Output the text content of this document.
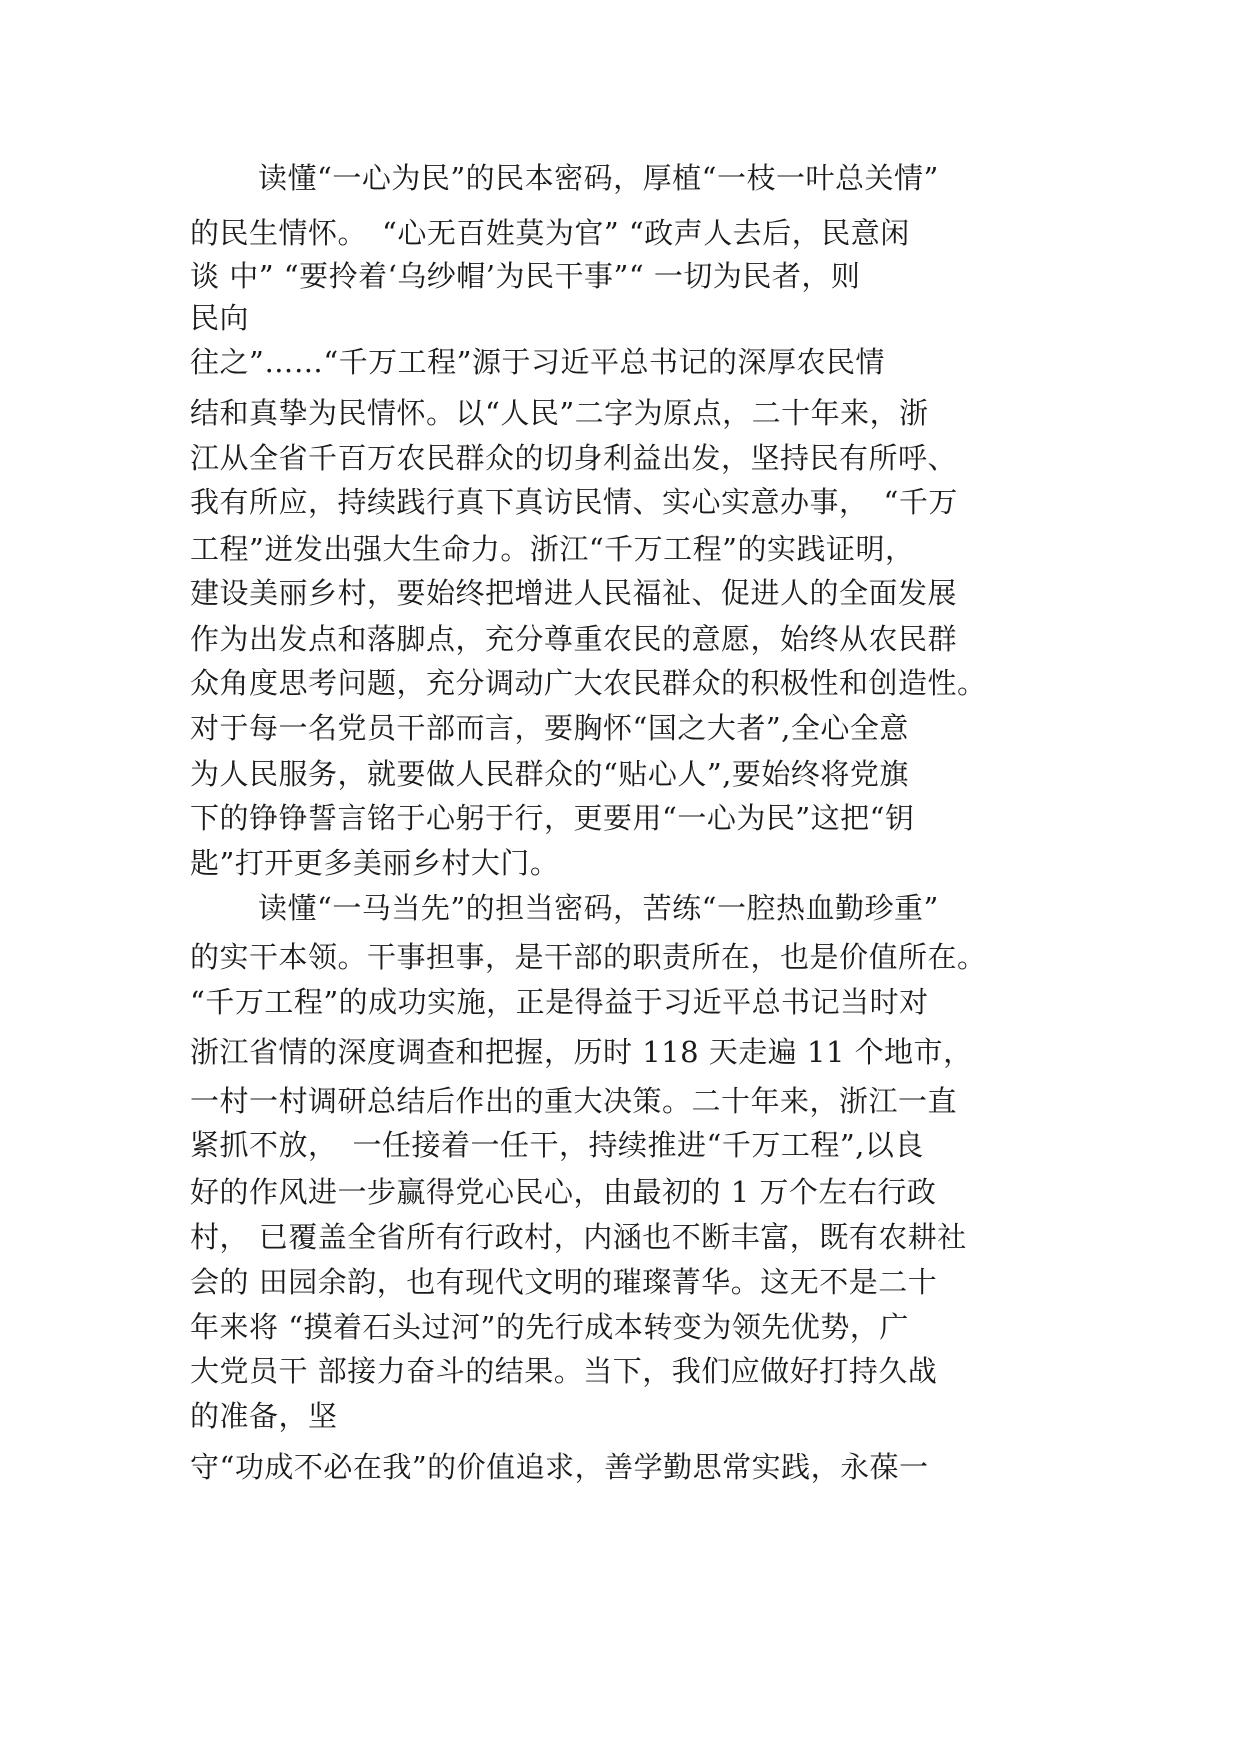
读懂“一心为民”的民本密码，厚植“一枝一叶总关情”
的民生情怀。　“心无百姓莫为官” “政声人去后，民意闲
谈 中” “要拎着‘乌纱帽’为民干事”“ 一切为民者，则
民向
往之”……“千万工程”源于习近平总书记的深厚农民情
结和真挚为民情怀。以“人民”二字为原点，二十年来，浙
江从全省千百万农民群众的切身利益出发，坚持民有所呼、
我有所应，持续践行真下真访民情、实心实意办事，　“千万
工程”迸发出强大生命力。浙江“千万工程”的实践证明，
建设美丽乡村，要始终把增进人民福祉、促进人的全面发展
作为出发点和落脚点，充分尊重农民的意愿，始终从农民群
众角度思考问题，充分调动广大农民群众的积极性和创造性。
对于每一名党员干部而言，要胸怀“国之大者”,全心全意
为人民服务，就要做人民群众的“贴心人”,要始终将党旗
下的铮铮誓言铭于心躬于行，更要用“一心为民”这把“钥
匙”打开更多美丽乡村大门。
读懂“一马当先”的担当密码，苦练“一腔热血勤珍重”
的实干本领。干事担事，是干部的职责所在，也是价值所在。
“千万工程”的成功实施，正是得益于习近平总书记当时对
浙江省情的深度调查和把握，历时 118 天走遍 11 个地市，
一村一村调研总结后作出的重大决策。二十年来，浙江一直
紧抓不放，　一任接着一任干，持续推进“千万工程”,以良
好的作风进一步赢得党心民心，由最初的 1 万个左右行政
村， 已覆盖全省所有行政村，内涵也不断丰富，既有农耕社
会的 田园余韵，也有现代文明的璀璨菁华。这无不是二十
年来将 “摸着石头过河”的先行成本转变为领先优势，广
大党员干 部接力奋斗的结果。当下，我们应做好打持久战
的准备，坚
守“功成不必在我”的价值追求，善学勤思常实践，永葆一
